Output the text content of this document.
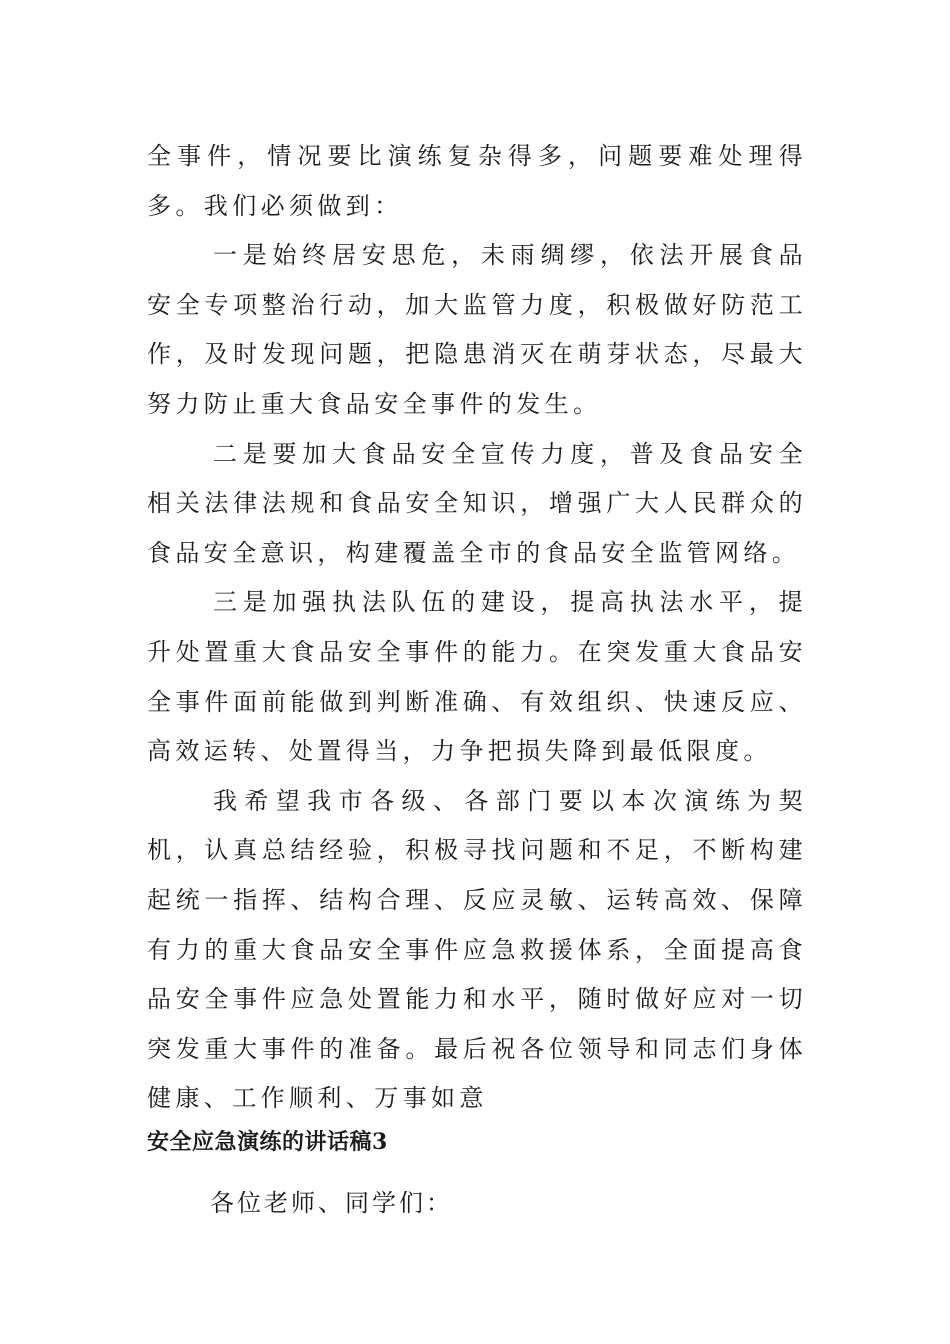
全事件，情况要比演练复杂得多，问题要难处理得多。我们必须做到：

一是始终居安思危，未雨绸缪，依法开展食品安全专项整治行动，加大监管力度，积极做好防范工作，及时发现问题，把隐患消灭在萌芽状态，尽最大努力防止重大食品安全事件的发生。

二是要加大食品安全宣传力度，普及食品安全相关法律法规和食品安全知识，增强广大人民群众的食品安全意识，构建覆盖全市的食品安全监管网络。

三是加强执法队伍的建设，提高执法水平，提升处置重大食品安全事件的能力。在突发重大食品安全事件面前能做到判断准确、有效组织、快速反应、高效运转、处置得当，力争把损失降到最低限度。

我希望我市各级、各部门要以本次演练为契机，认真总结经验，积极寻找问题和不足，不断构建起统一指挥、结构合理、反应灵敏、运转高效、保障有力的重大食品安全事件应急救援体系，全面提高食品安全事件应急处置能力和水平，随时做好应对一切突发重大事件的准备。最后祝各位领导和同志们身体健康、工作顺利、万事如意

安全应急演练的讲话稿3

各位老师、同学们：
